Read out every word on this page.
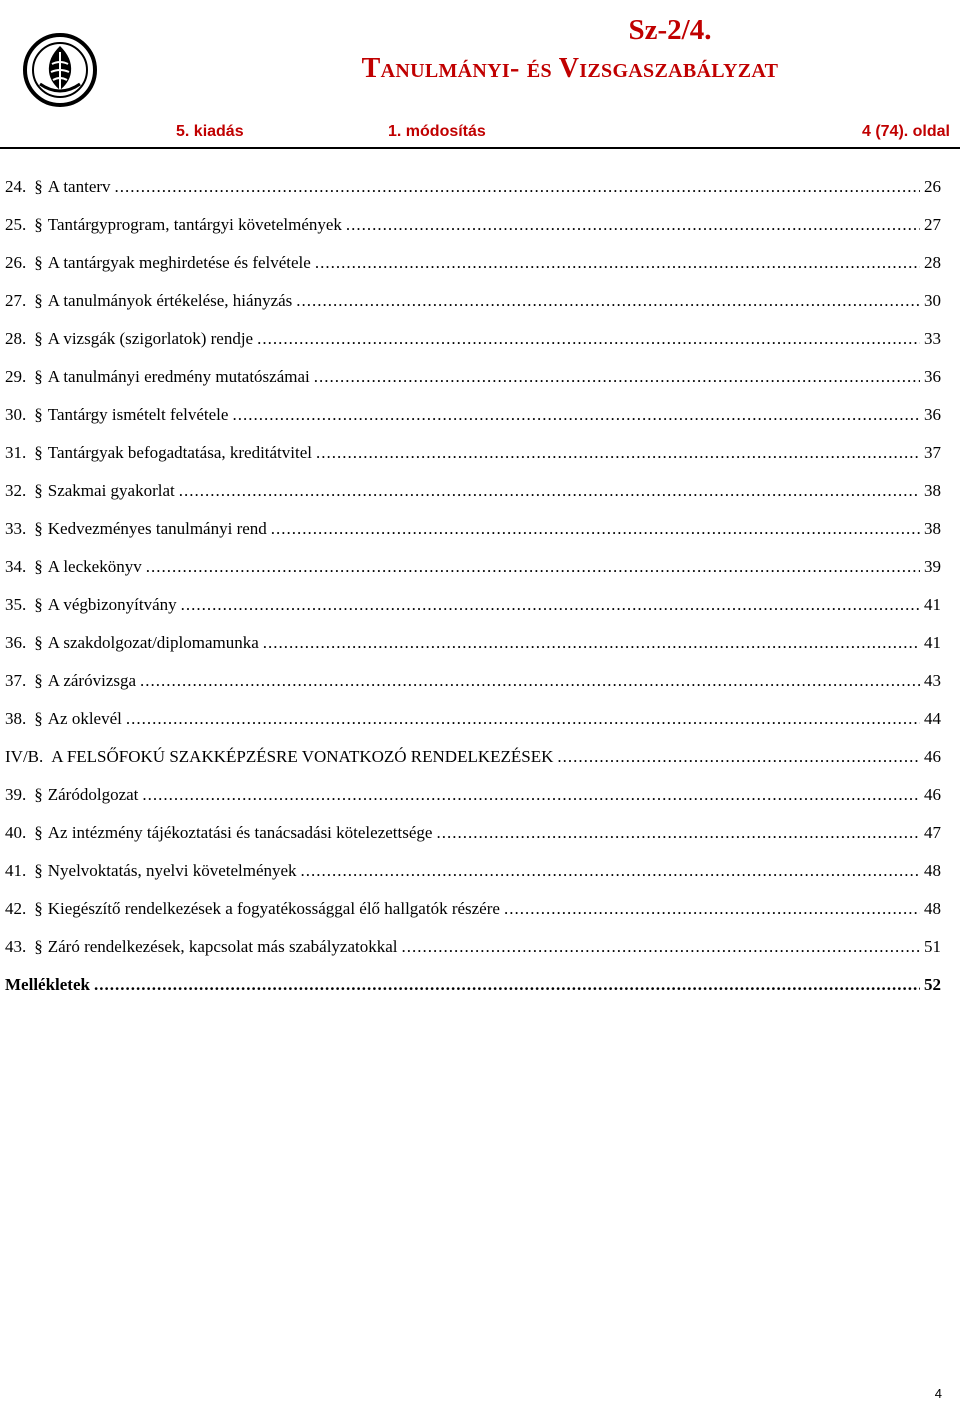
Sz-2/4.
Tanulmányi- és Vizsgaszabályzat
5. kiadás	1. módosítás	4 (74). oldal
24. § A tanterv .....	26
25. § Tantárgyprogram, tantárgyi követelmények .....	27
26. § A tantárgyak meghirdetése és felvétele .....	28
27. § A tanulmányok értékelése, hiányzás .....	30
28. § A vizsgák (szigorlatok) rendje .....	33
29. § A tanulmányi eredmény mutatószámai .....	36
30. § Tantárgy ismételt felvétele .....	36
31. § Tantárgyak befogadtatása, kreditátvitel .....	37
32. § Szakmai gyakorlat .....	38
33. § Kedvezményes tanulmányi rend .....	38
34. § A leckekönyv .....	39
35. § A végbizonyítvány .....	41
36. § A szakdolgozat/diplomamunka .....	41
37. § A záróvizsga .....	43
38. § Az oklevél .....	44
IV/B. A FELSŐFOKÚ SZAKKÉPZÉSRE VONATKOZÓ RENDELKEZÉSEK .....	46
39. § Záródolgozat .....	46
40. § Az intézmény tájékoztatási és tanácsadási kötelezettsége .....	47
41. § Nyelvoktatás, nyelvi követelmények .....	48
42. § Kiegészítő rendelkezések a fogyatékossággal élő hallgatók részére .....	48
43. § Záró rendelkezések, kapcsolat más szabályzatokkal .....	51
Mellékletek .....	52
4
